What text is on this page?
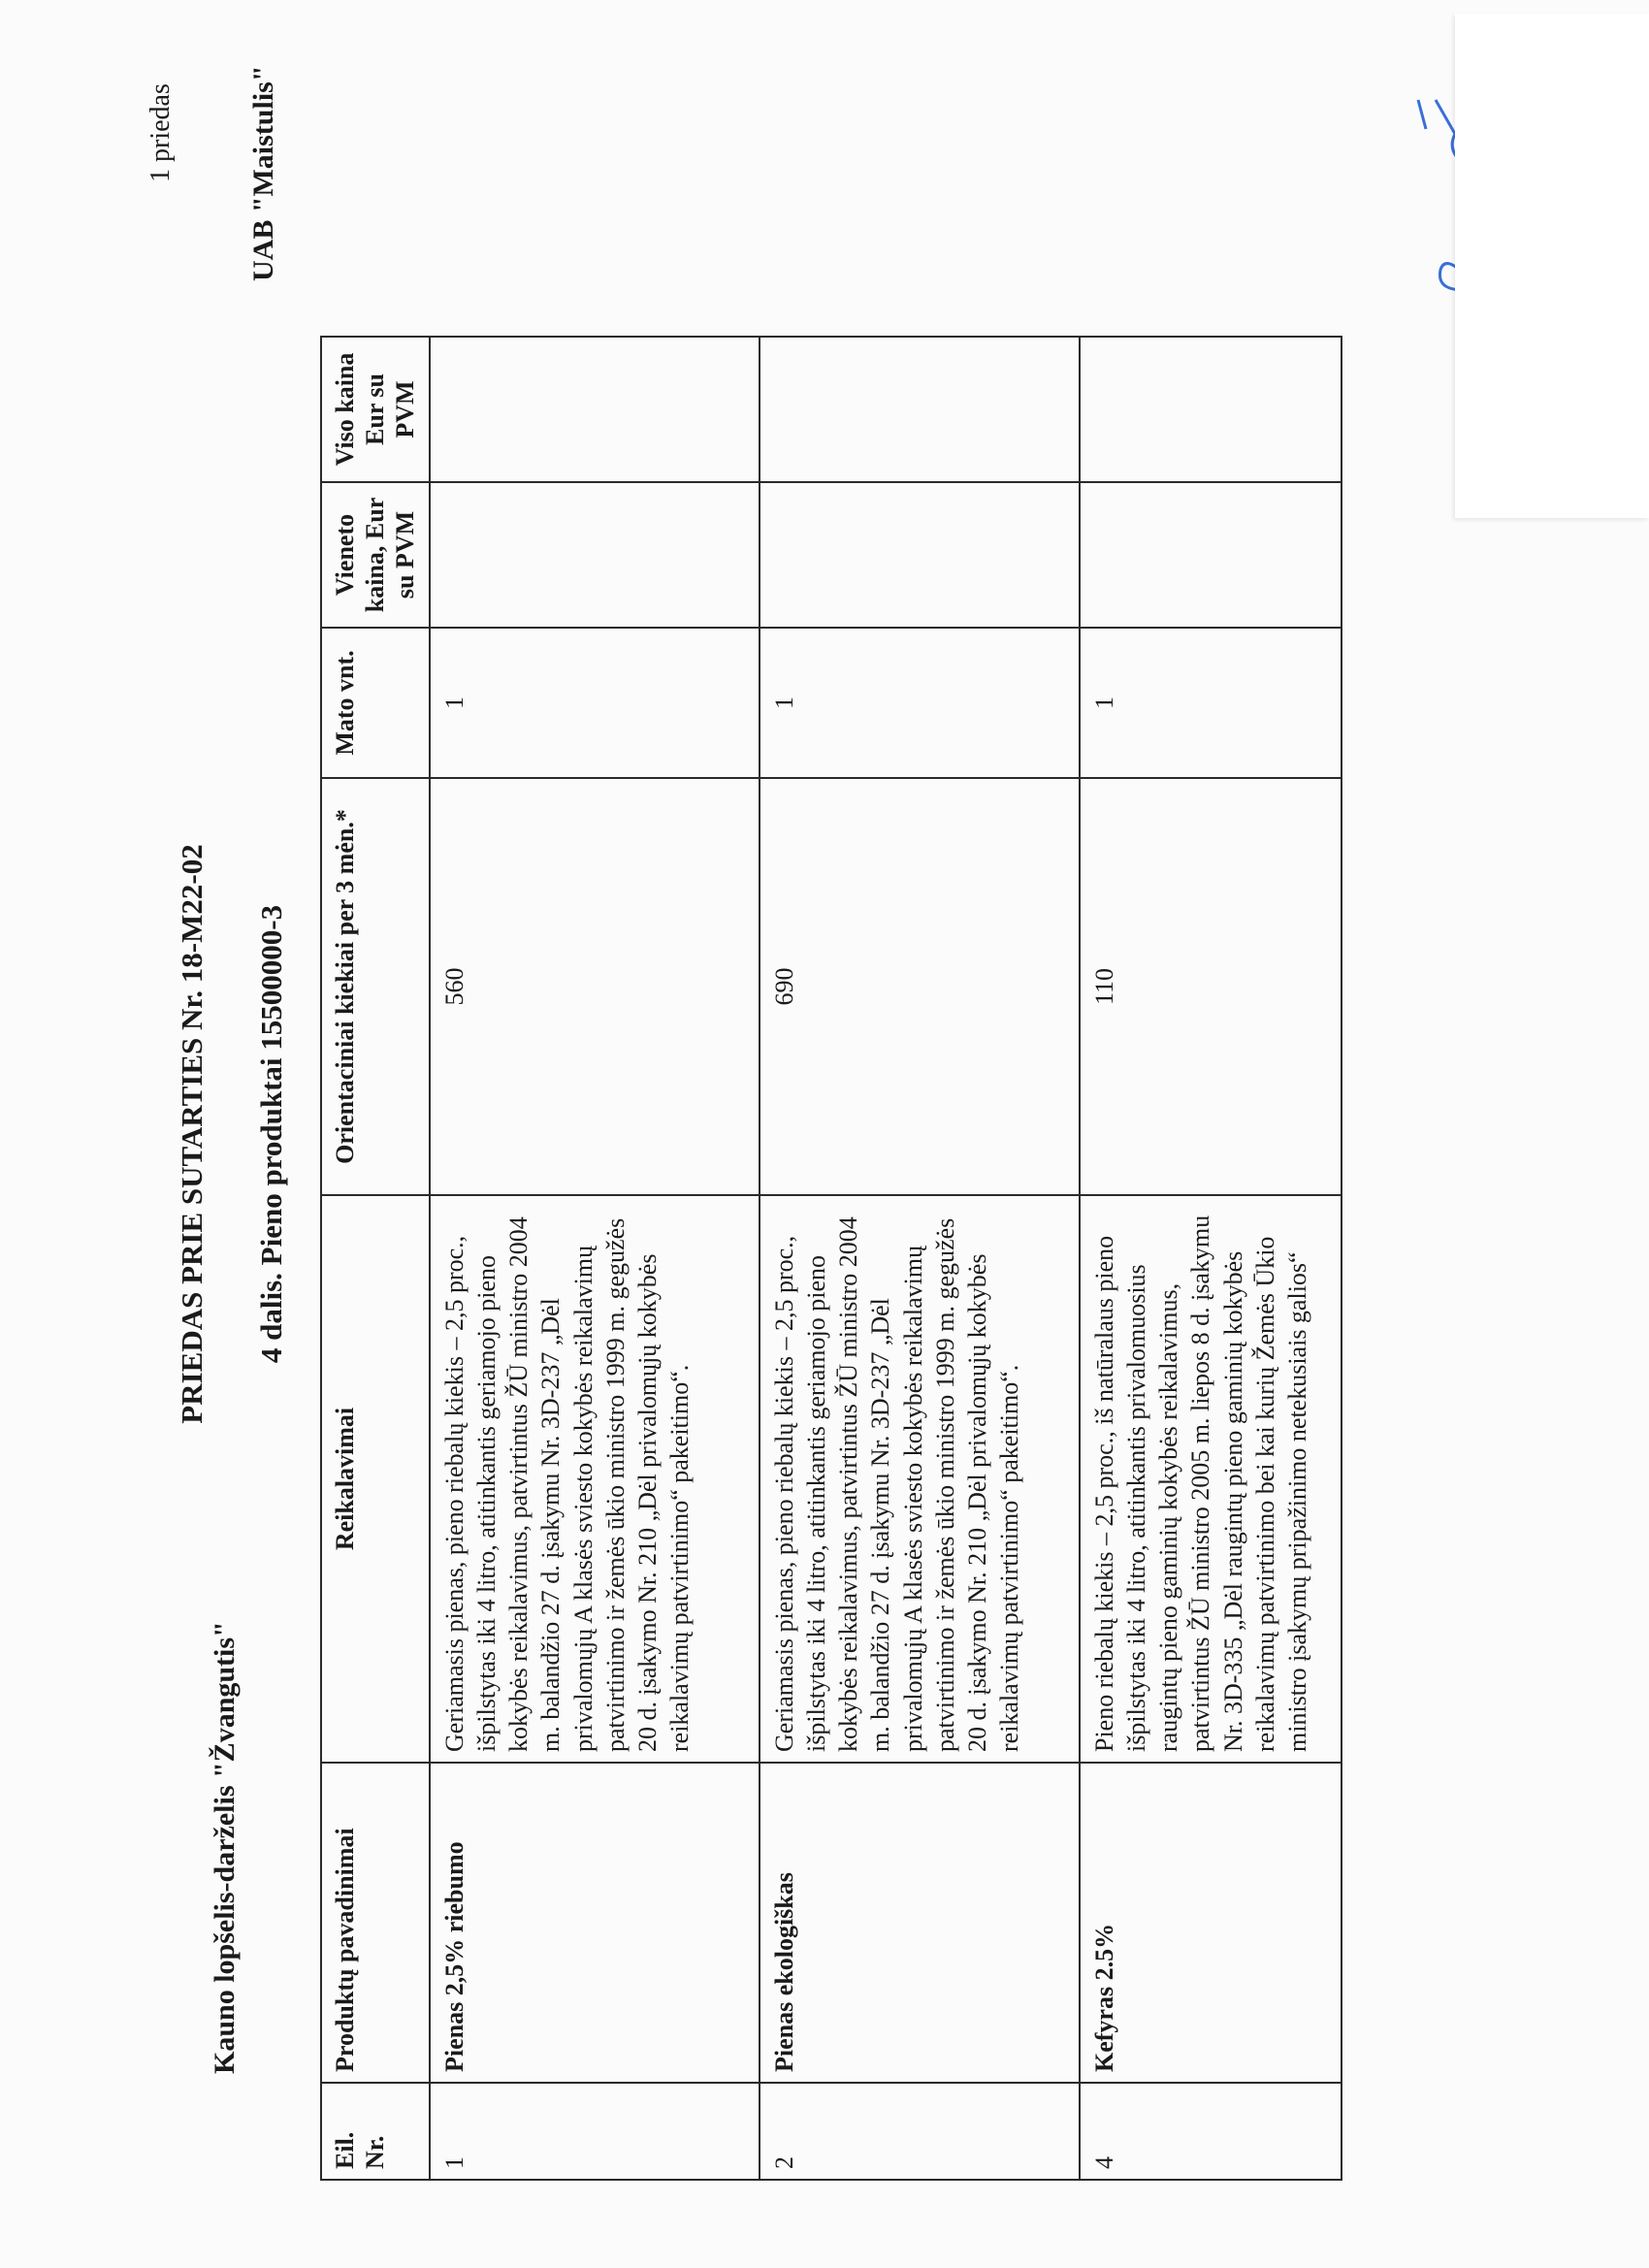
1 priedas
Kauno lopšelis-darželis "Žvangutis"
UAB "Maistulis"
PRIEDAS PRIE SUTARTIES Nr. 18-M22-02 4 dalis. Pieno produktai 15500000-3
Eil. Nr.	Produktų pavadinimai	Reikalavimai	Orientaciniai kiekiai per 3 mėn.*	Mato vnt.	Vieneto kaina, Eur su PVM	Viso kaina Eur su PVM
1	Pienas 2,5% riebumo	Geriamasis pienas, pieno riebalų kiekis – 2,5 proc., išpilstytas iki 4 litro, atitinkantis geriamojo pieno kokybės reikalavimus, patvirtintus ŽŪ ministro 2004 m. balandžio 27 d. įsakymu Nr. 3D-237 „Dėl privalomųjų A klasės sviesto kokybės reikalavimų patvirtinimo ir žemės ūkio ministro 1999 m. gegužės 20 d. įsakymo Nr. 210 „Dėl privalomųjų kokybės reikalavimų patvirtinimo“ pakeitimo“.	560	1		
2	Pienas ekologiškas	Geriamasis pienas, pieno riebalų kiekis – 2,5 proc., išpilstytas iki 4 litro, atitinkantis geriamojo pieno kokybės reikalavimus, patvirtintus ŽŪ ministro 2004 m. balandžio 27 d. įsakymu Nr. 3D-237 „Dėl privalomųjų A klasės sviesto kokybės reikalavimų patvirtinimo ir žemės ūkio ministro 1999 m. gegužės 20 d. įsakymo Nr. 210 „Dėl privalomųjų kokybės reikalavimų patvirtinimo“ pakeitimo“.	690	1		
4	Kefyras 2.5%	Pieno riebalų kiekis – 2,5 proc., iš natūralaus pieno išpilstytas iki 4 litro, atitinkantis privalomuosius raugintų pieno gaminių kokybės reikalavimus, patvirtintus ŽŪ ministro 2005 m. liepos 8 d. įsakymu Nr. 3D-335 „Dėl raugintų pieno gaminių kokybės reikalavimų patvirtinimo bei kai kurių Žemės Ūkio ministro įsakymų pripažinimo netekusiais galios“	110	1		
